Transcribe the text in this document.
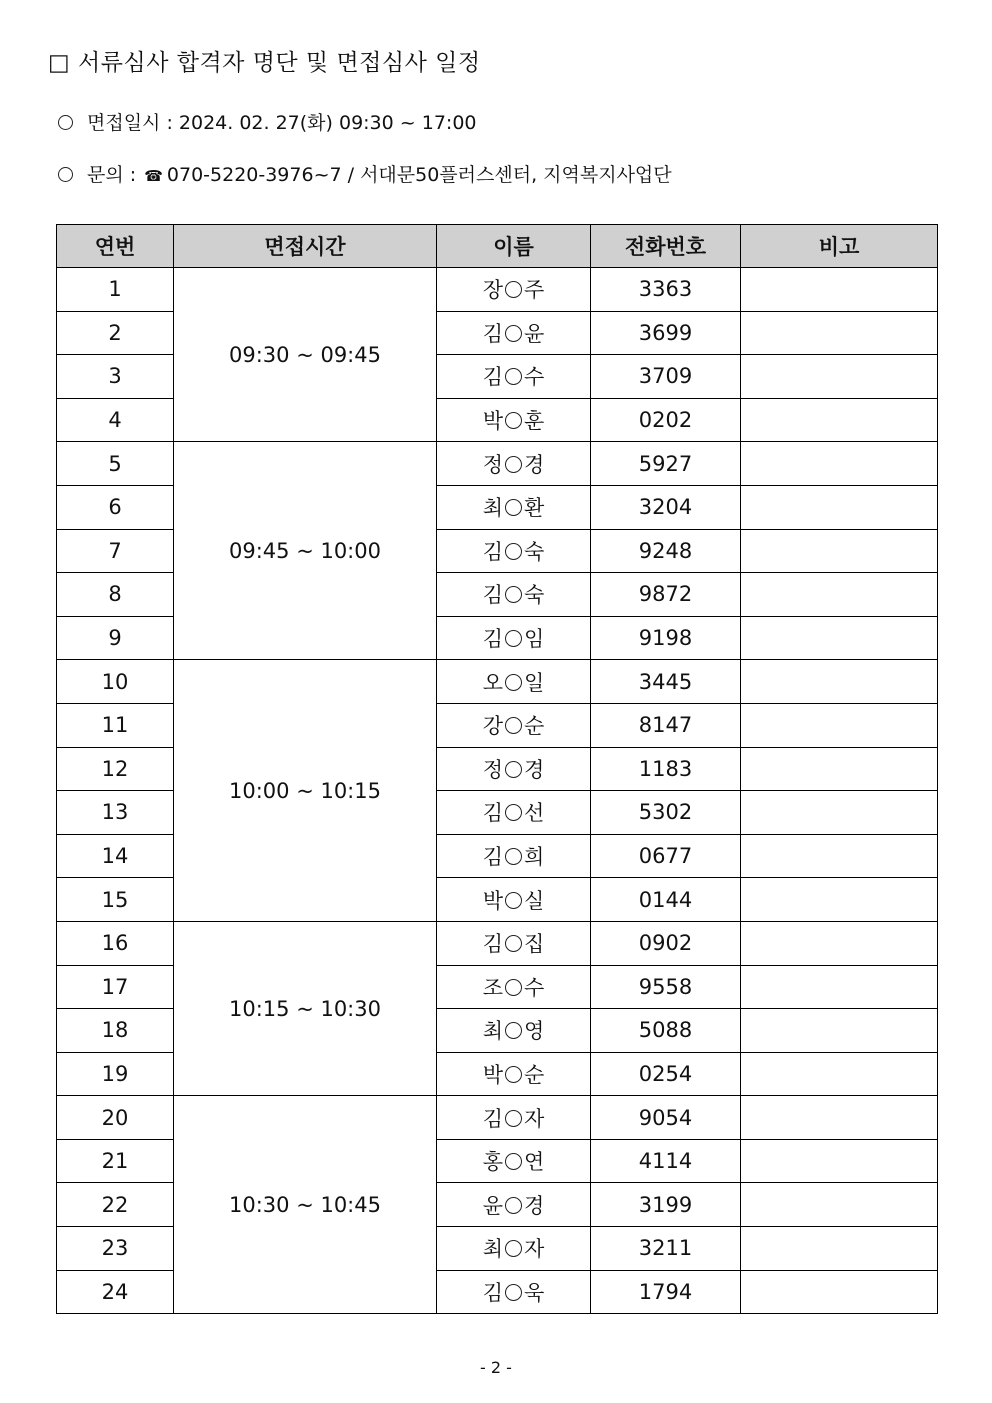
□ 서류심사 합격자 명단 및 면접심사 일정
면접일시 : 2024. 02. 27(화) 09:30 ~ 17:00
문의 : ☎ 070-5220-3976~7 / 서대문50플러스센터, 지역복지사업단
연번	면접시간	이름	전화번호	비고
1	09:30 ~ 09:45	장 주	3363	
2		김 윤	3699	
3		김 수	3709	
4		박 훈	0202	
5	09:45 ~ 10:00	정 경	5927	
6		최 환	3204	
7		김 숙	9248	
8		김 숙	9872	
9		김 임	9198	
10	10:00 ~ 10:15	오 일	3445	
11		강 순	8147	
12		정 경	1183	
13		김 선	5302	
14		김 희	0677	
15		박 실	0144	
16	10:15 ~ 10:30	김 집	0902	
17		조 수	9558	
18		최 영	5088	
19		박 순	0254	
20	10:30 ~ 10:45	김 자	9054	
21		홍 연	4114	
22		윤 경	3199	
23		최 자	3211	
24		김 욱	1794	
- 2 -
